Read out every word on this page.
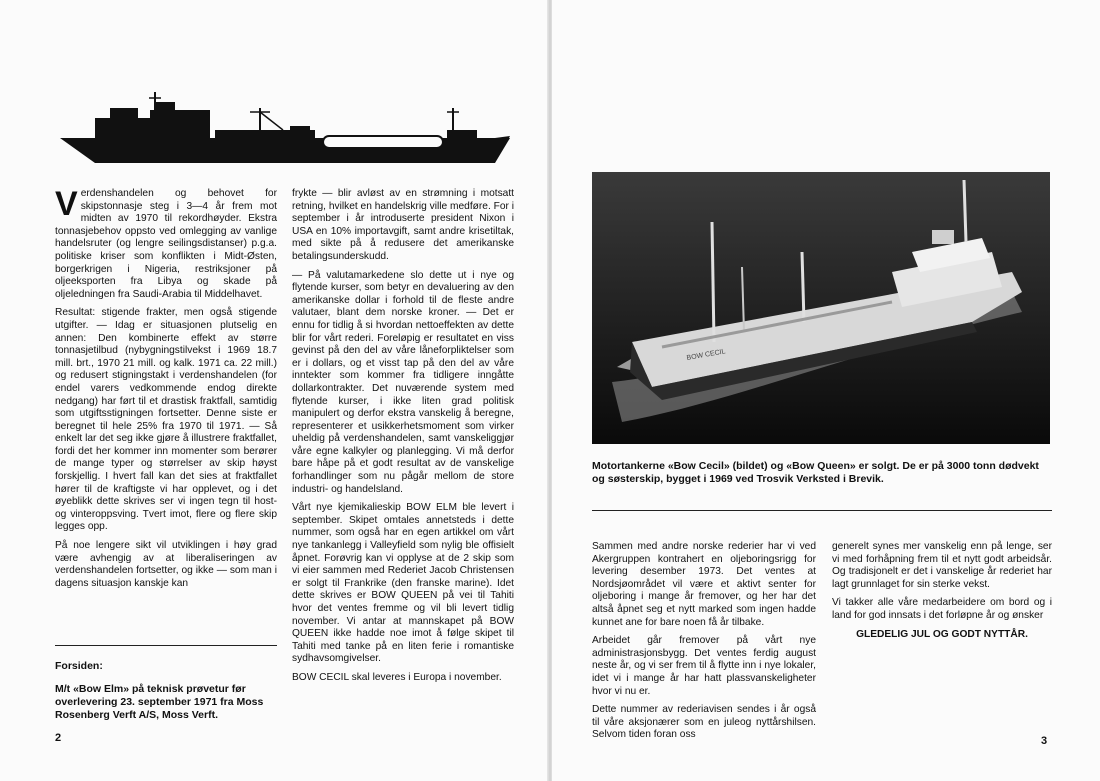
Verdenshandelen og behovet for skipstonnasje steg i 3—4 år frem mot midten av 1970 til rekordhøyder. Ekstra tonnasjebehov oppsto ved omlegging av vanlige handelsruter (og lengre seilingsdistanser) p.g.a. politiske kriser som konflikten i Midt-Østen, borgerkrigen i Nigeria, restriksjoner på oljeeksporten fra Libya og skade på oljeledningen fra Saudi-Arabia til Middelhavet.

Resultat: stigende frakter, men også stigende utgifter. — Idag er situasjonen plutselig en annen: Den kombinerte effekt av større tonnasjetilbud (nybygningstilvekst i 1969 18.7 mill. brt., 1970 21 mill. og kalk. 1971 ca. 22 mill.) og redusert stigningstakt i verdenshandelen (for endel varers vedkommende endog direkte nedgang) har ført til et drastisk fraktfall, samtidig som utgiftsstigningen fortsetter. Denne siste er beregnet til hele 25% fra 1970 til 1971. — Så enkelt lar det seg ikke gjøre å illustrere fraktfallet, fordi det her kommer inn momenter som berører de mange typer og størrelser av skip høyst forskjellig. I hvert fall kan det sies at fraktfallet hører til de kraftigste vi har opplevet, og i det øyeblikk dette skrives ser vi ingen tegn til host- og vinteroppsving. Tvert imot, flere og flere skip legges opp.

På noe lengere sikt vil utviklingen i høy grad være avhengig av at liberaliseringen av verdenshandelen fortsetter, og ikke — som man i dagens situasjon kanskje kan

frykte — blir avløst av en strømning i motsatt retning, hvilket en handelskrig ville medføre. For i september i år introduserte president Nixon i USA en 10% importavgift, samt andre krisetiltak, med sikte på å redusere det amerikanske betalingsunderskudd.

— På valutamarkedene slo dette ut i nye og flytende kurser, som betyr en devaluering av den amerikanske dollar i forhold til de fleste andre valutaer, blant dem norske kroner. — Det er ennu for tidlig å si hvordan nettoeffekten av dette blir for vårt rederi. Foreløpig er resultatet en viss gevinst på den del av våre låneforpliktelser som er i dollars, og et visst tap på den del av våre inntekter som kommer fra tidligere inngåtte dollarkontrakter. Det nuværende system med flytende kurser, i ikke liten grad politisk manipulert og derfor ekstra vanskelig å beregne, representerer et usikkerhetsmoment som virker uheldig på verdenshandelen, samt vanskeliggjør våre egne kalkyler og planlegging. Vi må derfor bare håpe på et godt resultat av de vanskelige forhandlinger som nu pågår mellom de store industri- og handelsland.

Vårt nye kjemikalieskip BOW ELM ble levert i september. Skipet omtales annetsteds i dette nummer, som også har en egen artikkel om vårt nye tankanlegg i Valleyfield som nylig ble offisielt åpnet. Forøvrig kan vi opplyse at de 2 skip som vi eier sammen med Rederiet Jacob Christensen er solgt til Frankrike (den franske marine). Idet dette skrives er BOW QUEEN på vei til Tahiti hvor det ventes fremme og vil bli levert tidlig november. Vi antar at mannskapet på BOW QUEEN ikke hadde noe imot å følge skipet til Tahiti med tanke på en liten ferie i romantiske sydhavsomgivelser.

BOW CECIL skal leveres i Europa i november.

Forsiden:
M/t «Bow Elm» på teknisk prøvetur før overlevering 23. september 1971 fra Moss Rosenberg Verft A/S, Moss Verft.
2
BOW CECIL
Motortankerne «Bow Cecil» (bildet) og «Bow Queen» er solgt. De er på 3000 tonn dødvekt og søsterskip, bygget i 1969 ved Trosvik Verksted i Brevik.

Sammen med andre norske rederier har vi ved Akergruppen kontrahert en oljeboringsrigg for levering desember 1973. Det ventes at Nordsjøområdet vil være et aktivt senter for oljeboring i mange år fremover, og her har det altså åpnet seg et nytt marked som ingen hadde kunnet ane for bare noen få år tilbake.

Arbeidet går fremover på vårt nye administrasjonsbygg. Det ventes ferdig august neste år, og vi ser frem til å flytte inn i nye lokaler, idet vi i mange år har hatt plassvanskeligheter hvor vi nu er.

Dette nummer av rederiavisen sendes i år også til våre aksjonærer som en juleog nyttårshilsen. Selvom tiden foran oss

generelt synes mer vanskelig enn på lenge, ser vi med forhåpning frem til et nytt godt arbeidsår. Og tradisjonelt er det i vanskelige år rederiet har lagt grunnlaget for sin sterke vekst.

Vi takker alle våre medarbeidere om bord og i land for god innsats i det forløpne år og ønsker

GLEDELIG JUL OG GODT NYTTÅR.

3
